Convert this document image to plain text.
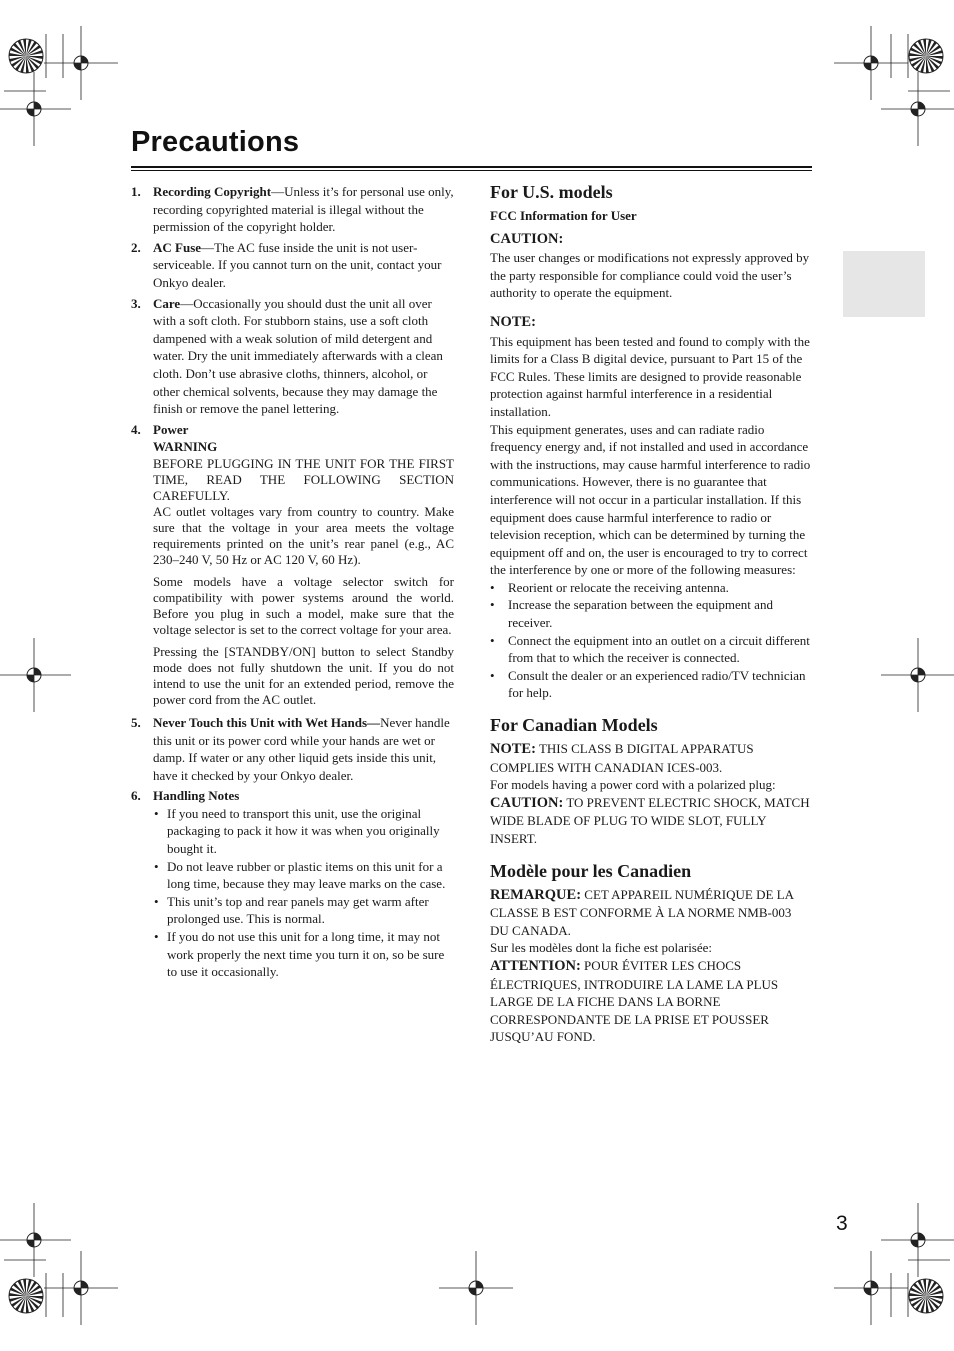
Precautions
3
1. Recording Copyright—Unless it’s for personal use only, recording copyrighted material is illegal without the permission of the copyright holder.
2. AC Fuse—The AC fuse inside the unit is not user-serviceable. If you cannot turn on the unit, contact your Onkyo dealer.
3. Care—Occasionally you should dust the unit all over with a soft cloth. For stubborn stains, use a soft cloth dampened with a weak solution of mild detergent and water. Dry the unit immediately afterwards with a clean cloth. Don’t use abrasive cloths, thinners, alcohol, or other chemical solvents, because they may damage the finish or remove the panel lettering.
4. Power
WARNING
BEFORE PLUGGING IN THE UNIT FOR THE FIRST TIME, READ THE FOLLOWING SECTION CAREFULLY.
AC outlet voltages vary from country to country. Make sure that the voltage in your area meets the voltage requirements printed on the unit’s rear panel (e.g., AC 230–240 V, 50 Hz or AC 120 V, 60 Hz).
Some models have a voltage selector switch for compatibility with power systems around the world. Before you plug in such a model, make sure that the voltage selector is set to the correct voltage for your area.
Pressing the [STANDBY/ON] button to select Standby mode does not fully shutdown the unit. If you do not intend to use the unit for an extended period, remove the power cord from the AC outlet.
5. Never Touch this Unit with Wet Hands—Never handle this unit or its power cord while your hands are wet or damp. If water or any other liquid gets inside this unit, have it checked by your Onkyo dealer.
6. Handling Notes
• If you need to transport this unit, use the original packaging to pack it how it was when you originally bought it.
• Do not leave rubber or plastic items on this unit for a long time, because they may leave marks on the case.
• This unit’s top and rear panels may get warm after prolonged use. This is normal.
• If you do not use this unit for a long time, it may not work properly the next time you turn it on, so be sure to use it occasionally.
For U.S. models
FCC Information for User
CAUTION:
The user changes or modifications not expressly approved by the party responsible for compliance could void the user’s authority to operate the equipment.
NOTE:
This equipment has been tested and found to comply with the limits for a Class B digital device, pursuant to Part 15 of the FCC Rules. These limits are designed to provide reasonable protection against harmful interference in a residential installation.
This equipment generates, uses and can radiate radio frequency energy and, if not installed and used in accordance with the instructions, may cause harmful interference to radio communications. However, there is no guarantee that interference will not occur in a particular installation. If this equipment does cause harmful interference to radio or television reception, which can be determined by turning the equipment off and on, the user is encouraged to try to correct the interference by one or more of the following measures:
•	Reorient or relocate the receiving antenna.
•	Increase the separation between the equipment and receiver.
•	Connect the equipment into an outlet on a circuit different from that to which the receiver is connected.
•	Consult the dealer or an experienced radio/TV technician for help.
For Canadian Models
NOTE: THIS CLASS B DIGITAL APPARATUS COMPLIES WITH CANADIAN ICES-003.
For models having a power cord with a polarized plug:
CAUTION: TO PREVENT ELECTRIC SHOCK, MATCH WIDE BLADE OF PLUG TO WIDE SLOT, FULLY INSERT.
Modèle pour les Canadien
REMARQUE: CET APPAREIL NUMÉRIQUE DE LA CLASSE B EST CONFORME À LA NORME NMB-003 DU CANADA.
Sur les modèles dont la fiche est polarisée:
ATTENTION: POUR ÉVITER LES CHOCS ÉLECTRIQUES, INTRODUIRE LA LAME LA PLUS LARGE DE LA FICHE DANS LA BORNE CORRESPONDANTE DE LA PRISE ET POUSSER JUSQU’AU FOND.
